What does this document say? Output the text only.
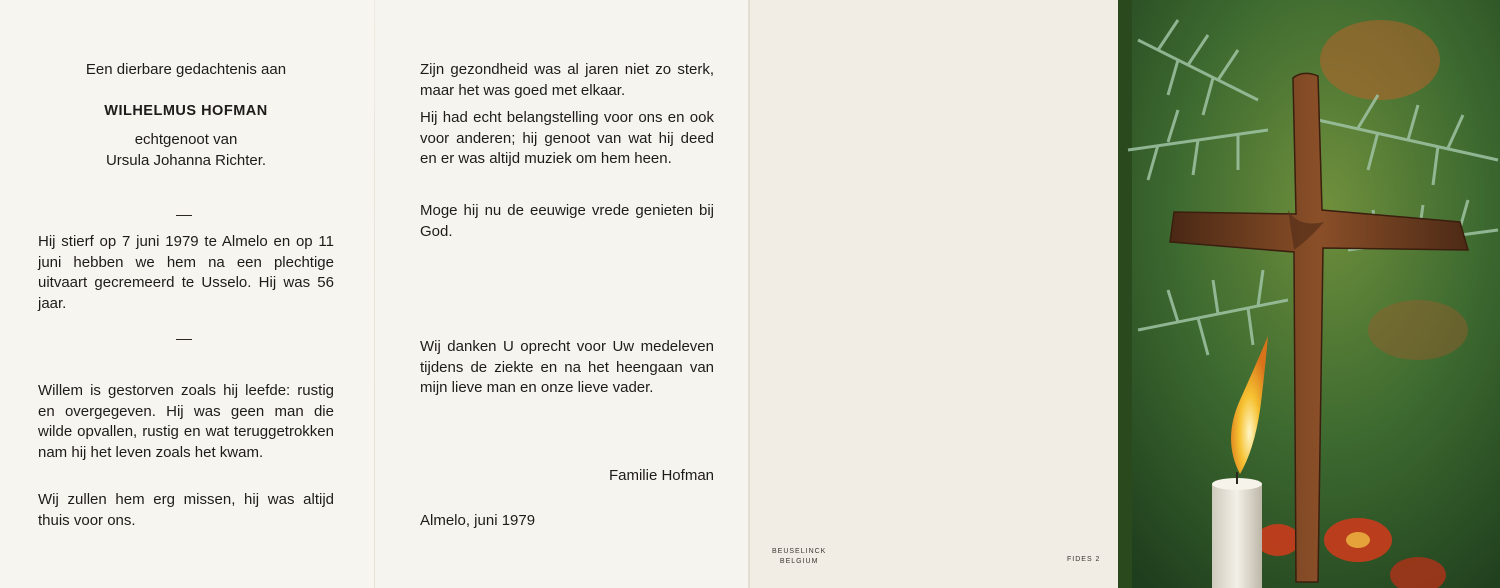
Een dierbare gedachtenis aan

WILHELMUS HOFMAN

echtgenoot van

Ursula Johanna Richter.

Hij stierf op 7 juni 1979 te Almelo en op 11 juni hebben we hem na een plechtige uitvaart gecremeerd te Usselo. Hij was 56 jaar.

Willem is gestorven zoals hij leefde: rustig en overgegeven. Hij was geen man die wilde opvallen, rustig en wat teruggetrokken nam hij het leven zoals het kwam.

Wij zullen hem erg missen, hij was altijd thuis voor ons.

Zijn gezondheid was al jaren niet zo sterk, maar het was goed met elkaar.

Hij had echt belangstelling voor ons en ook voor anderen; hij genoot van wat hij deed en er was altijd muziek om hem heen.

Moge hij nu de eeuwige vrede genieten bij God.

Wij danken U oprecht voor Uw medeleven tijdens de ziekte en na het heengaan van mijn lieve man en onze lieve vader.

Familie Hofman

Almelo, juni 1979

BEUSELINCK
BELGIUM	FIDES 2
